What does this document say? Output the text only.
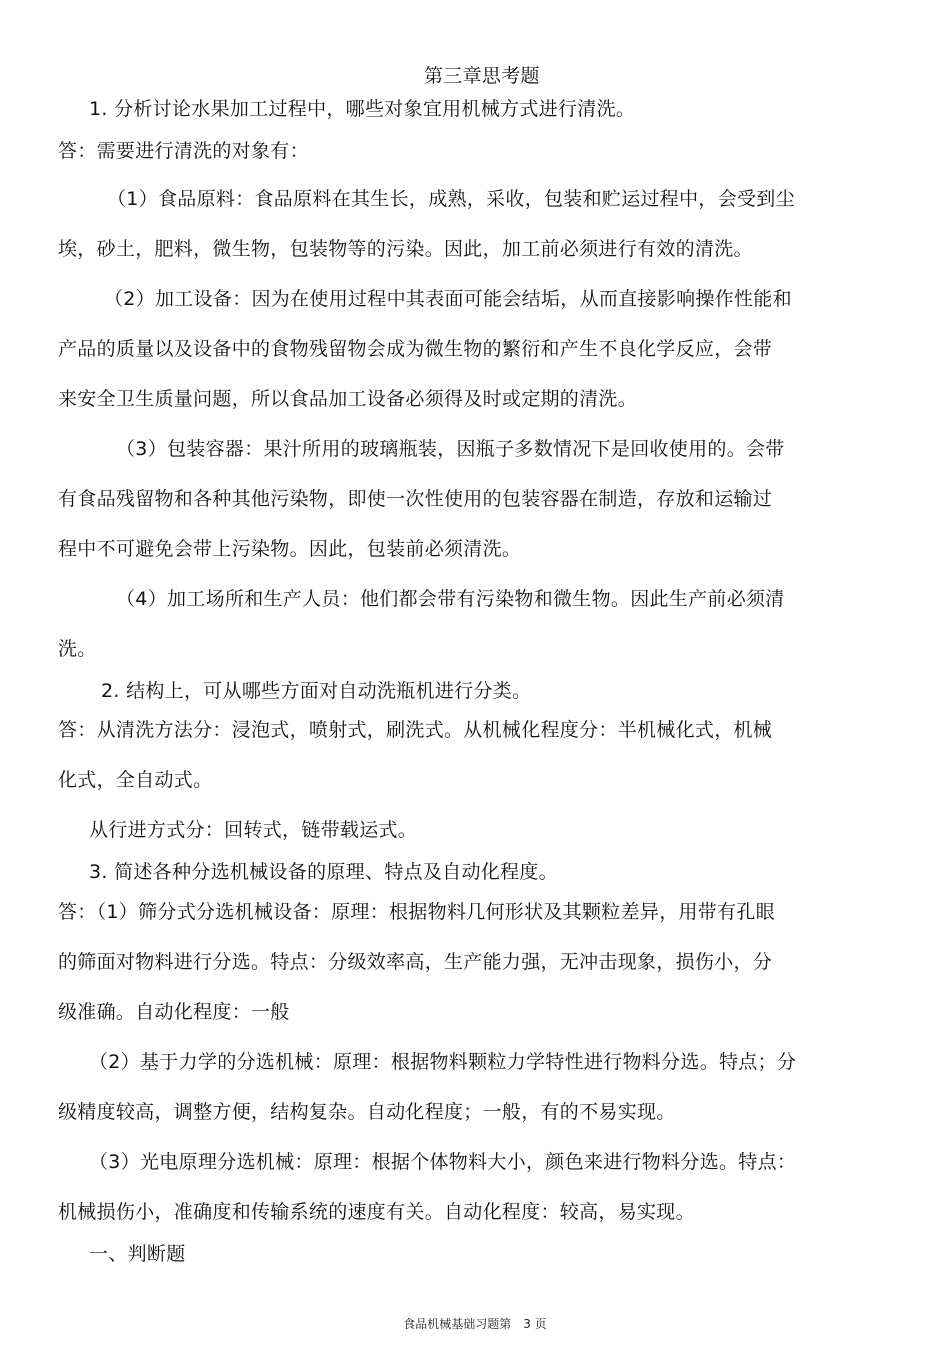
第三章思考题
1. 分析讨论水果加工过程中，哪些对象宜用机械方式进行清洗。
答：需要进行清洗的对象有：
（1）食品原料：食品原料在其生长，成熟，采收，包装和贮运过程中，会受到尘
埃，砂土，肥料，微生物，包装物等的污染。因此，加工前必须进行有效的清洗。
（2）加工设备：因为在使用过程中其表面可能会结垢，从而直接影响操作性能和
产品的质量以及设备中的食物残留物会成为微生物的繁衍和产生不良化学反应，会带
来安全卫生质量问题，所以食品加工设备必须得及时或定期的清洗。
（3）包装容器：果汁所用的玻璃瓶装，因瓶子多数情况下是回收使用的。会带
有食品残留物和各种其他污染物，即使一次性使用的包装容器在制造，存放和运输过
程中不可避免会带上污染物。因此，包装前必须清洗。
（4）加工场所和生产人员：他们都会带有污染物和微生物。因此生产前必须清
洗。
2. 结构上，可从哪些方面对自动洗瓶机进行分类。
答：从清洗方法分：浸泡式，喷射式，刷洗式。从机械化程度分：半机械化式，机械
化式，全自动式。
从行进方式分：回转式，链带载运式。
3. 简述各种分选机械设备的原理、特点及自动化程度。
答：（1）筛分式分选机械设备：原理：根据物料几何形状及其颗粒差异，用带有孔眼
的筛面对物料进行分选。特点：分级效率高，生产能力强，无冲击现象，损伤小，分
级准确。自动化程度：一般
（2）基于力学的分选机械：原理：根据物料颗粒力学特性进行物料分选。特点；分
级精度较高，调整方便，结构复杂。自动化程度；一般，有的不易实现。
（3）光电原理分选机械：原理：根据个体物料大小，颜色来进行物料分选。特点：
机械损伤小，准确度和传输系统的速度有关。自动化程度：较高，易实现。
一、判断题
食品机械基础习题第　3 页
